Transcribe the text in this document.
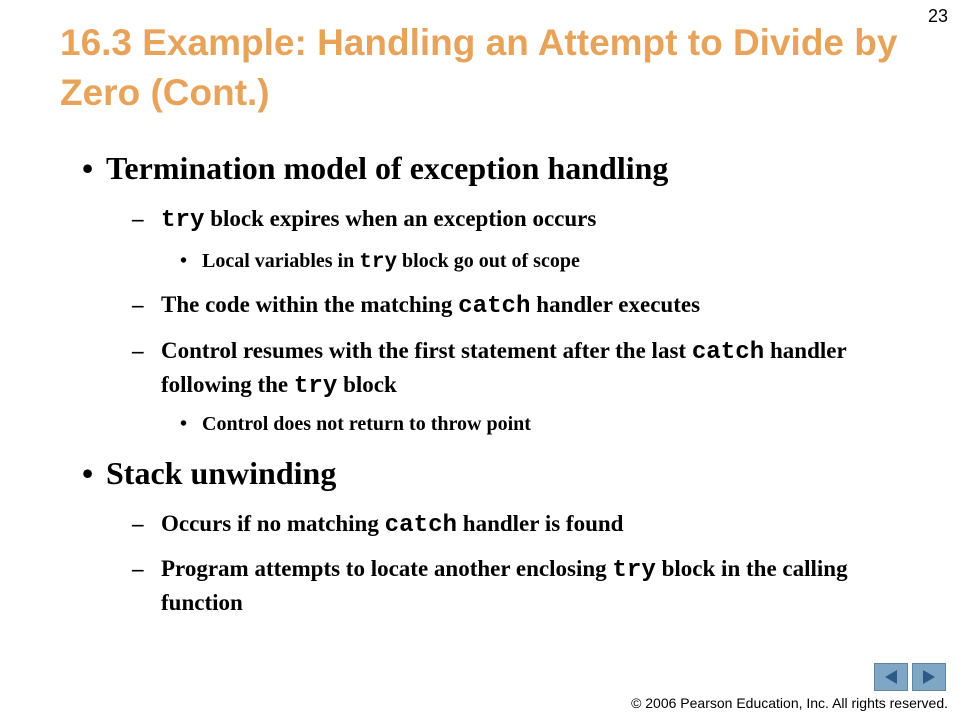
23
16.3 Example: Handling an Attempt to Divide by Zero (Cont.)

• Termination model of exception handling

– try block expires when an exception occurs

• Local variables in try block go out of scope

– The code within the matching catch handler executes

– Control resumes with the first statement after the last catch handler following the try block

• Control does not return to throw point

• Stack unwinding

– Occurs if no matching catch handler is found

– Program attempts to locate another enclosing try block in the calling function

© 2006 Pearson Education, Inc. All rights reserved.
